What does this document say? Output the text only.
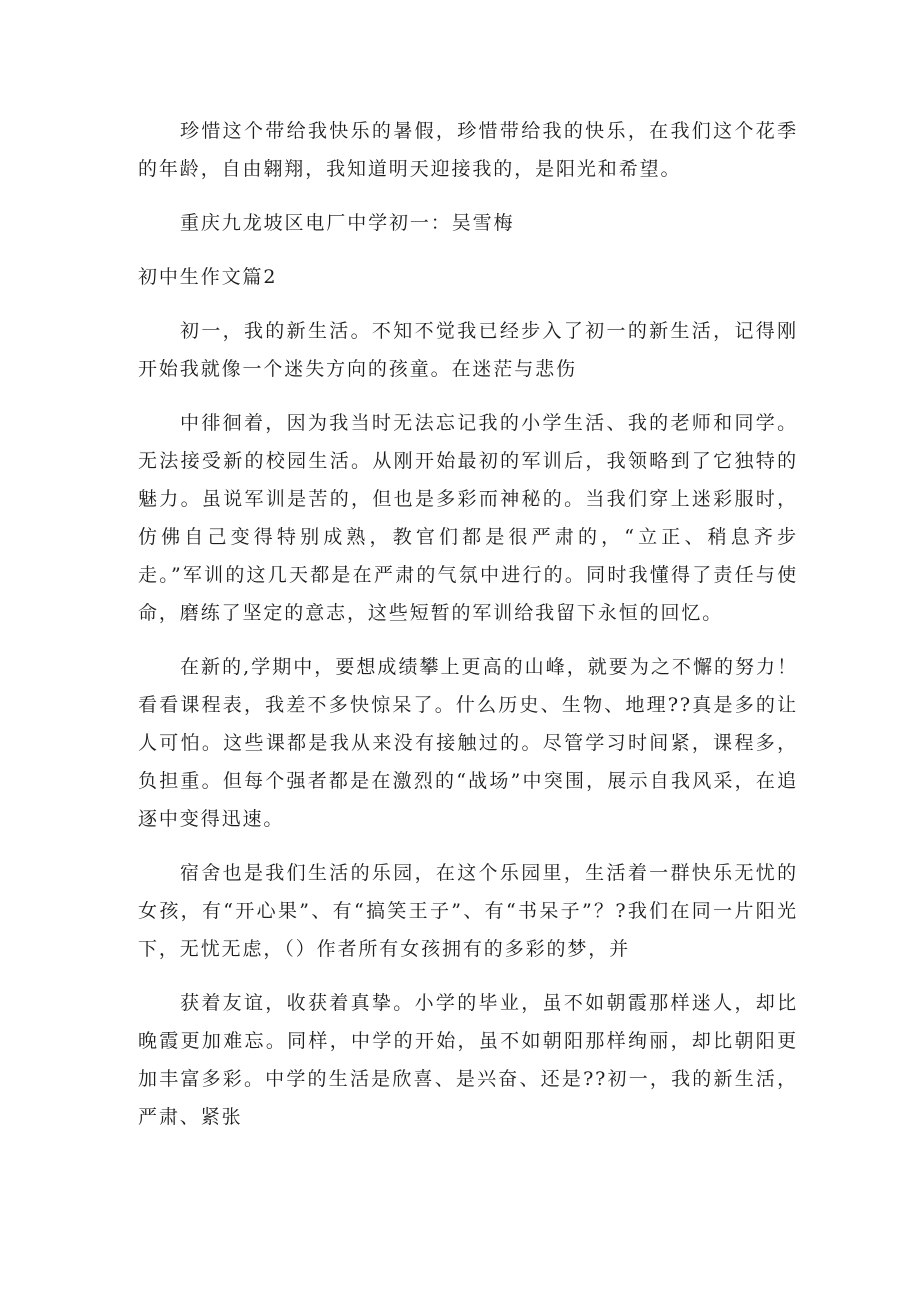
珍惜这个带给我快乐的暑假，珍惜带给我的快乐，在我们这个花季的年龄，自由翱翔，我知道明天迎接我的，是阳光和希望。

重庆九龙坡区电厂中学初一：吴雪梅

初中生作文篇2

初一，我的新生活。不知不觉我已经步入了初一的新生活，记得刚开始我就像一个迷失方向的孩童。在迷茫与悲伤

中徘徊着，因为我当时无法忘记我的小学生活、我的老师和同学。无法接受新的校园生活。从刚开始最初的军训后，我领略到了它独特的魅力。虽说军训是苦的，但也是多彩而神秘的。当我们穿上迷彩服时，仿佛自己变得特别成熟，教官们都是很严肃的，“立正、稍息齐步走。”军训的这几天都是在严肃的气氛中进行的。同时我懂得了责任与使命，磨练了坚定的意志，这些短暂的军训给我留下永恒的回忆。

在新的,学期中，要想成绩攀上更高的山峰，就要为之不懈的努力！看看课程表，我差不多快惊呆了。什么历史、生物、地理??真是多的让人可怕。这些课都是我从来没有接触过的。尽管学习时间紧，课程多，负担重。但每个强者都是在激烈的“战场”中突围，展示自我风采，在追逐中变得迅速。

宿舍也是我们生活的乐园，在这个乐园里，生活着一群快乐无忧的女孩，有“开心果”、有“搞笑王子”、有“书呆子”？?我们在同一片阳光下，无忧无虑，（）作者所有女孩拥有的多彩的梦，并

获着友谊，收获着真挚。小学的毕业，虽不如朝霞那样迷人，却比晚霞更加难忘。同样，中学的开始，虽不如朝阳那样绚丽，却比朝阳更加丰富多彩。中学的生活是欣喜、是兴奋、还是??初一，我的新生活，严肃、紧张
